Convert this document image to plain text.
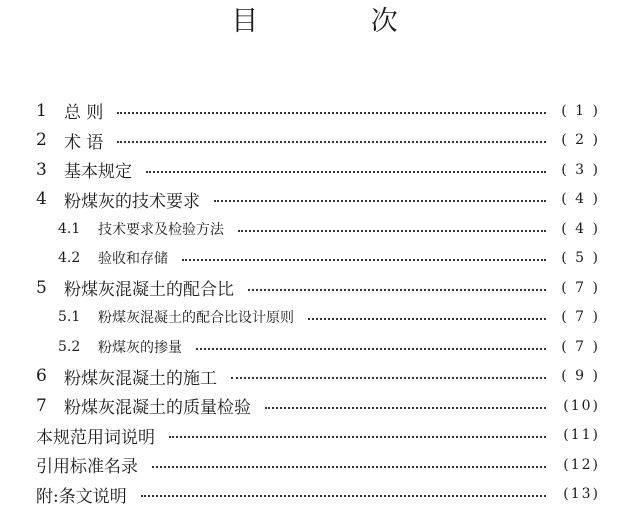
目 次
1	总 则	( 1 )
2	术 语	( 2 )
3	基本规定	( 3 )
4	粉煤灰的技术要求	( 4 )
4.1	技术要求及检验方法	( 4 )
4.2	验收和存储	( 5 )
5	粉煤灰混凝土的配合比	( 7 )
5.1	粉煤灰混凝土的配合比设计原则	( 7 )
5.2	粉煤灰的掺量	( 7 )
6	粉煤灰混凝土的施工	( 9 )
7	粉煤灰混凝土的质量检验	(10)
本规范用词说明	(11)
引用标准名录	(12)
附:条文说明	(13)
